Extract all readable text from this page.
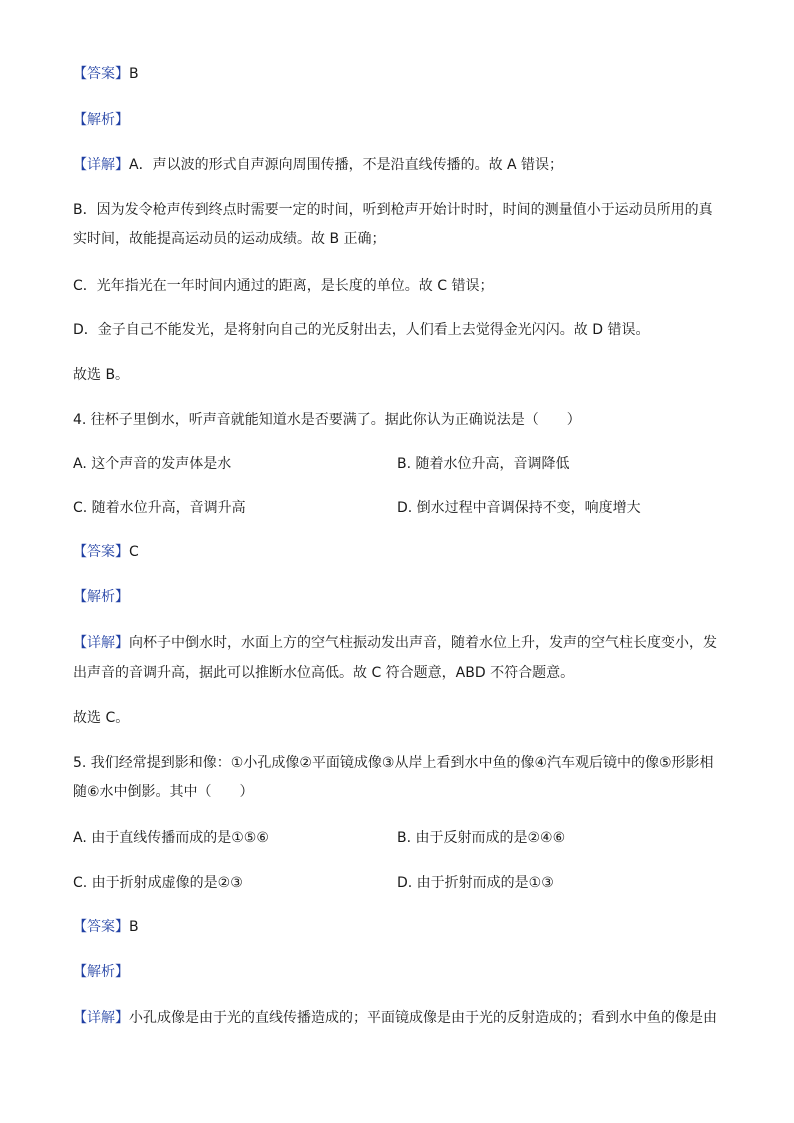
【答案】B
【解析】
【详解】A．声以波的形式自声源向周围传播，不是沿直线传播的。故 A 错误；
B．因为发令枪声传到终点时需要一定的时间，听到枪声开始计时时，时间的测量值小于运动员所用的真
实时间，故能提高运动员的运动成绩。故 B 正确；
C．光年指光在一年时间内通过的距离，是长度的单位。故 C 错误；
D．金子自己不能发光，是将射向自己的光反射出去，人们看上去觉得金光闪闪。故 D 错误。
故选 B。
4. 往杯子里倒水，听声音就能知道水是否要满了。据此你认为正确说法是（　　）
A. 这个声音的发声体是水	B. 随着水位升高，音调降低
C. 随着水位升高，音调升高	D. 倒水过程中音调保持不变，响度增大
【答案】C
【解析】
【详解】向杯子中倒水时，水面上方的空气柱振动发出声音，随着水位上升，发声的空气柱长度变小，发
出声音的音调升高，据此可以推断水位高低。故 C 符合题意，ABD 不符合题意。
故选 C。
5. 我们经常提到影和像：①小孔成像②平面镜成像③从岸上看到水中鱼的像④汽车观后镜中的像⑤形影相
随⑥水中倒影。其中（　　）
A. 由于直线传播而成的是①⑤⑥	B. 由于反射而成的是②④⑥
C. 由于折射成虚像的是②③	D. 由于折射而成的是①③
【答案】B
【解析】
【详解】小孔成像是由于光的直线传播造成的；平面镜成像是由于光的反射造成的；看到水中鱼的像是由
